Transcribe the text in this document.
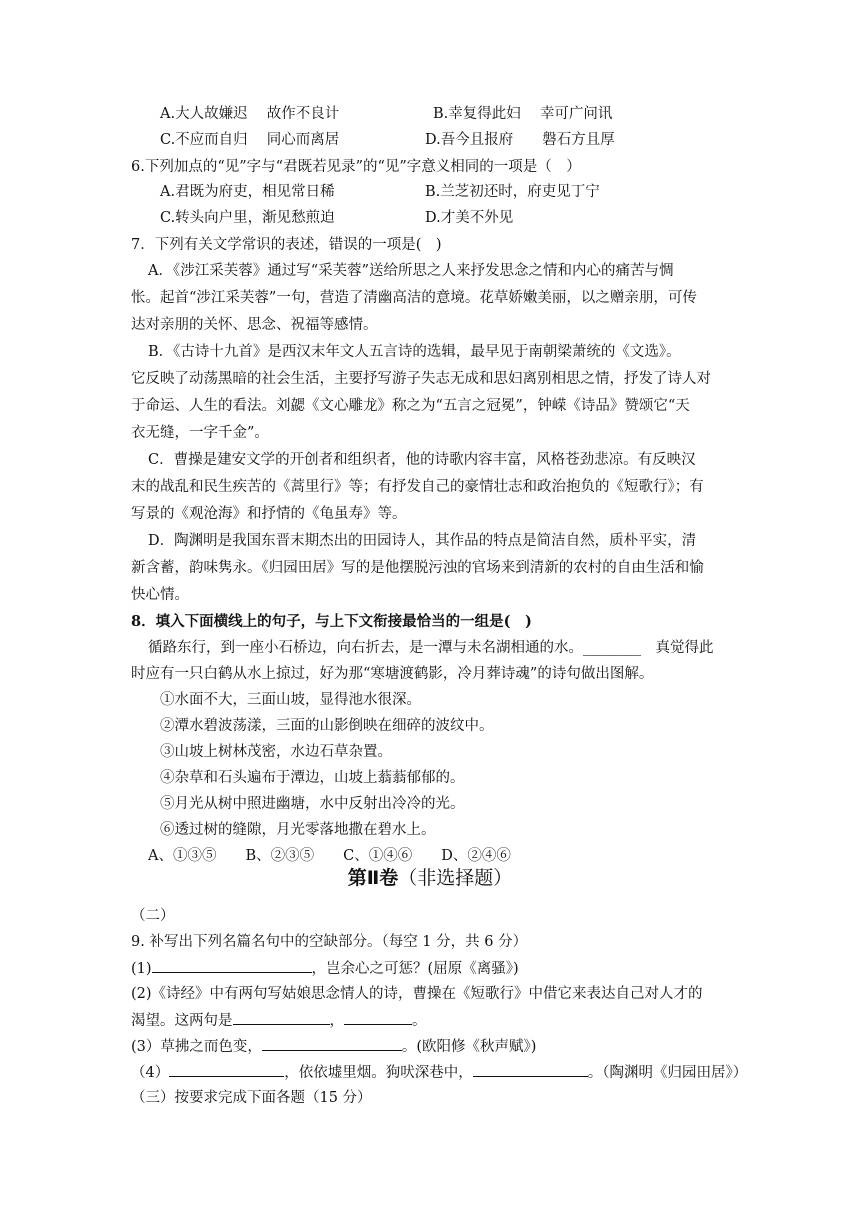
A.大人故嫌迟　 故作不良计	B.幸复得此妇　 幸可广问讯
C.不应而自归　 同心而离居	D.吾今且报府　　磐石方且厚
6.下列加点的“见”字与“君既若见录”的“见”字意义相同的一项是（　）
A.君既为府吏，相见常日稀	B.兰芝初还时，府吏见丁宁
C.转头向户里，渐见愁煎迫	D.才美不外见
7．下列有关文学常识的表述，错误的一项是(　)
A．《涉江采芙蓉》通过写“采芙蓉”送给所思之人来抒发思念之情和内心的痛苦与惆
怅。起首“涉江采芙蓉”一句，营造了清幽高洁的意境。花草娇嫩美丽，以之赠亲朋，可传
达对亲朋的关怀、思念、祝福等感情。
B．《古诗十九首》是西汉末年文人五言诗的选辑，最早见于南朝梁萧统的《文选》。
它反映了动荡黑暗的社会生活，主要抒写游子失志无成和思妇离别相思之情，抒发了诗人对
于命运、人生的看法。刘勰《文心雕龙》称之为“五言之冠冕”，钟嵘《诗品》赞颂它“天
衣无缝，一字千金”。
C．曹操是建安文学的开创者和组织者，他的诗歌内容丰富，风格苍劲悲凉。有反映汉
末的战乱和民生疾苦的《蒿里行》等；有抒发自己的豪情壮志和政治抱负的《短歌行》；有
写景的《观沧海》和抒情的《龟虽寿》等。
D．陶渊明是我国东晋末期杰出的田园诗人，其作品的特点是简洁自然，质朴平实，清
新含蓄，韵味隽永。《归园田居》写的是他摆脱污浊的官场来到清新的农村的自由生活和愉
快心情。
8．填入下面横线上的句子，与上下文衔接最恰当的一组是(　)
循路东行，到一座小石桥边，向右折去，是一潭与未名湖相通的水。________　真觉得此
时应有一只白鹤从水上掠过，好为那“寒塘渡鹤影，冷月葬诗魂”的诗句做出图解。
①水面不大，三面山坡，显得池水很深。
②潭水碧波荡漾，三面的山影倒映在细碎的波纹中。
③山坡上树林茂密，水边石草杂置。
④杂草和石头遍布于潭边，山坡上蓊蓊郁郁的。
⑤月光从树中照进幽塘，水中反射出冷冷的光。
⑥透过树的缝隙，月光零落地撒在碧水上。
A、①③⑤　　B、②③⑤　　C、①④⑥　　D、②④⑥
第Ⅱ卷（非选择题）
（二）
9. 补写出下列名篇名句中的空缺部分。（每空 1 分，共 6 分）
(1)	，岂余心之可惩？(屈原《离骚》)
(2)《诗经》中有两句写姑娘思念情人的诗，曹操在《短歌行》中借它来表达自己对人才的
渴望。这两句是	，	。
(3）草拂之而色变，	。(欧阳修《秋声赋》)
（4）	，依依墟里烟。狗吠深巷中，	。（陶渊明《归园田居》）
（三）按要求完成下面各题（15 分）
